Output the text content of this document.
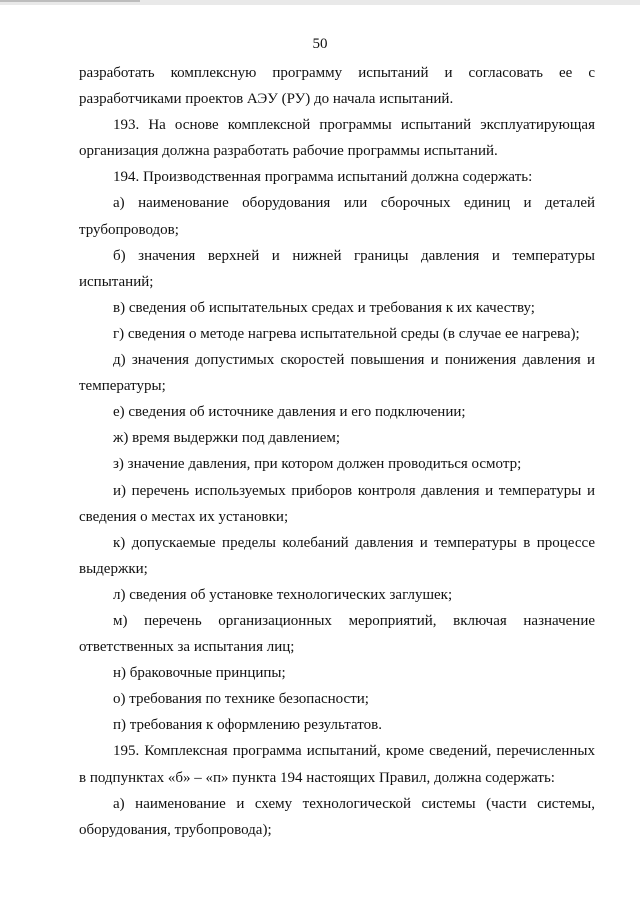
50

разработать комплексную программу испытаний и согласовать ее с

разработчиками проектов АЭУ (РУ) до начала испытаний.

193. На основе комплексной программы испытаний эксплуатирующая организация должна разработать рабочие программы испытаний.

194. Производственная программа испытаний должна содержать:

а) наименование оборудования или сборочных единиц и деталей трубопроводов;

б) значения верхней и нижней границы давления и температуры испытаний;

в) сведения об испытательных средах и требования к их качеству;

г) сведения о методе нагрева испытательной среды (в случае ее нагрева);

д) значения допустимых скоростей повышения и понижения давления и температуры;

е) сведения об источнике давления и его подключении;

ж) время выдержки под давлением;

з) значение давления, при котором должен проводиться осмотр;

и) перечень используемых приборов контроля давления и температуры и сведения о местах их установки;

к) допускаемые пределы колебаний давления и температуры в процессе выдержки;

л) сведения об установке технологических заглушек;

м) перечень организационных мероприятий, включая назначение ответственных за испытания лиц;

н) браковочные принципы;

о) требования по технике безопасности;

п) требования к оформлению результатов.

195. Комплексная программа испытаний, кроме сведений, перечисленных в подпунктах «б» – «п» пункта 194 настоящих Правил, должна содержать:

а) наименование и схему технологической системы (части системы, оборудования, трубопровода);
